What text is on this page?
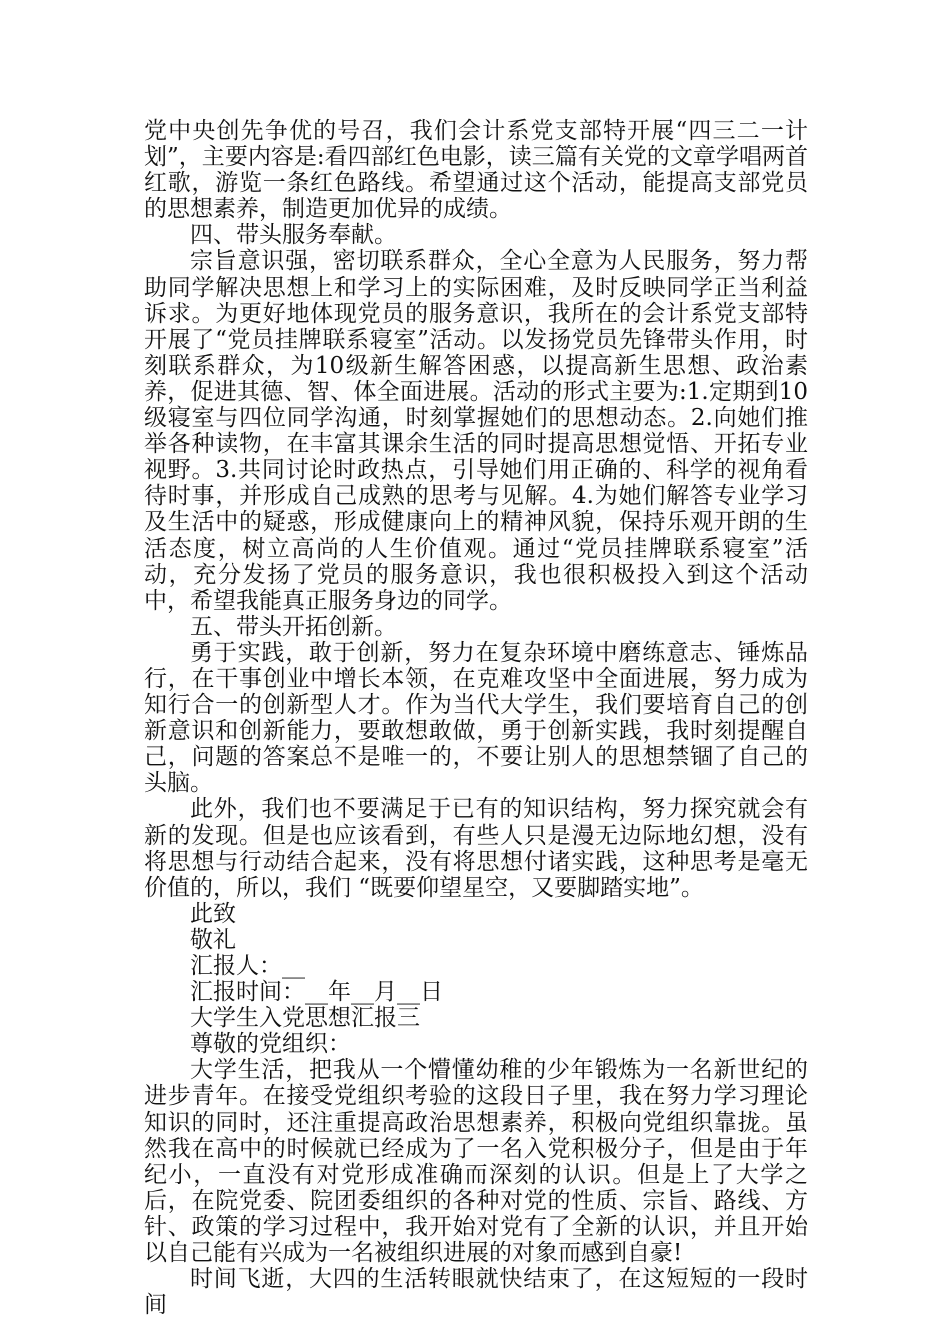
党中央创先争优的号召，我们会计系党支部特开展“四三二一计划”，主要内容是:看四部红色电影，读三篇有关党的文章学唱两首红歌，游览一条红色路线。希望通过这个活动，能提高支部党员的思想素养，制造更加优异的成绩。

四、带头服务奉献。

宗旨意识强，密切联系群众，全心全意为人民服务，努力帮助同学解决思想上和学习上的实际困难，及时反映同学正当利益诉求。为更好地体现党员的服务意识，我所在的会计系党支部特开展了“党员挂牌联系寝室”活动。以发扬党员先锋带头作用，时刻联系群众，为10级新生解答困惑，以提高新生思想、政治素养，促进其德、智、体全面进展。活动的形式主要为:1.定期到10级寝室与四位同学沟通，时刻掌握她们的思想动态。2.向她们推举各种读物，在丰富其课余生活的同时提高思想觉悟、开拓专业视野。3.共同讨论时政热点，引导她们用正确的、科学的视角看待时事，并形成自己成熟的思考与见解。4.为她们解答专业学习及生活中的疑惑，形成健康向上的精神风貌，保持乐观开朗的生活态度，树立高尚的人生价值观。通过“党员挂牌联系寝室”活动，充分发扬了党员的服务意识，我也很积极投入到这个活动中，希望我能真正服务身边的同学。

五、带头开拓创新。

勇于实践，敢于创新，努力在复杂环境中磨练意志、锤炼品行，在干事创业中增长本领，在克难攻坚中全面进展，努力成为知行合一的创新型人才。作为当代大学生，我们要培育自己的创新意识和创新能力，要敢想敢做，勇于创新实践，我时刻提醒自己，问题的答案总不是唯一的，不要让别人的思想禁锢了自己的头脑。

此外，我们也不要满足于已有的知识结构，努力探究就会有新的发现。但是也应该看到，有些人只是漫无边际地幻想，没有将思想与行动结合起来，没有将思想付诸实践，这种思考是毫无价值的，所以，我们 “既要仰望星空，又要脚踏实地”。

此致

敬礼

汇报人：__

汇报时间：__年__月__日

大学生入党思想汇报三

尊敬的党组织：

大学生活，把我从一个懵懂幼稚的少年锻炼为一名新世纪的进步青年。在接受党组织考验的这段日子里，我在努力学习理论知识的同时，还注重提高政治思想素养，积极向党组织靠拢。虽然我在高中的时候就已经成为了一名入党积极分子，但是由于年纪小，一直没有对党形成准确而深刻的认识。但是上了大学之后，在院党委、院团委组织的各种对党的性质、宗旨、路线、方针、政策的学习过程中，我开始对党有了全新的认识，并且开始以自己能有兴成为一名被组织进展的对象而感到自豪!

时间飞逝，大四的生活转眼就快结束了，在这短短的一段时间
